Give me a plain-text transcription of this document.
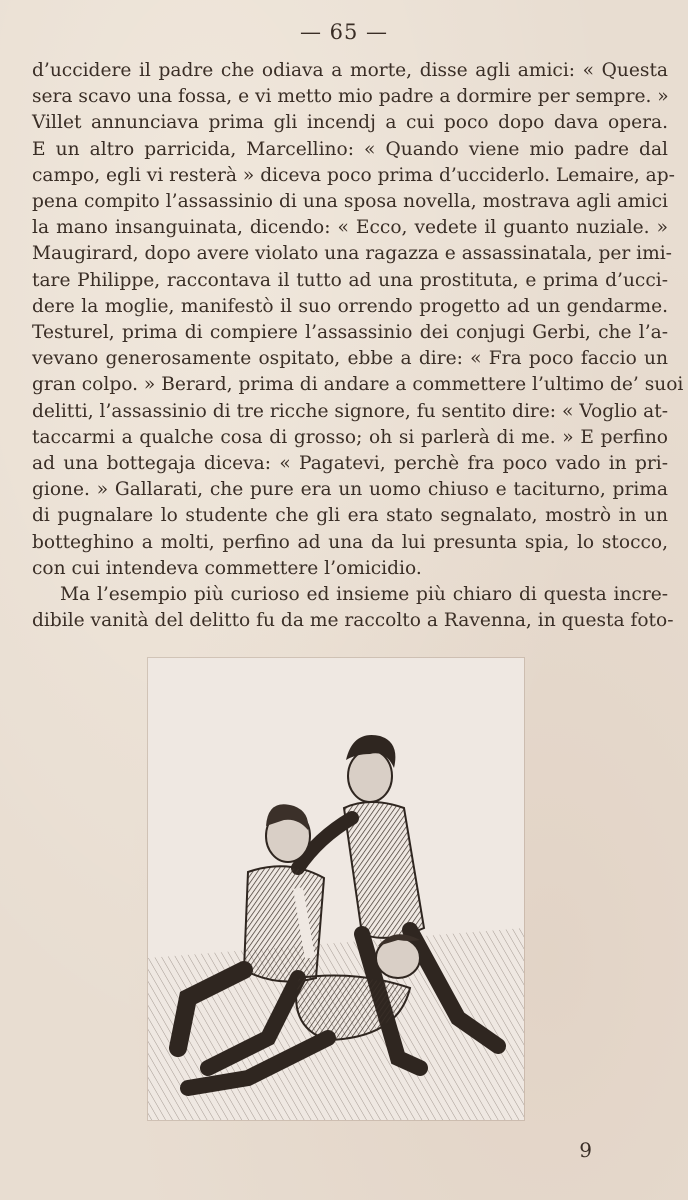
— 65 —

d’uccidere il padre che odiava a morte, disse agli amici: « Questa
sera scavo una fossa, e vi metto mio padre a dormire per sempre. »
Villet annunciava prima gli incendj a cui poco dopo dava opera.
E un altro parricida, Marcellino: « Quando viene mio padre dal
campo, egli vi resterà » diceva poco prima d’ucciderlo. Lemaire, ap-
pena compito l’assassinio di una sposa novella, mostrava agli amici
la mano insanguinata, dicendo: « Ecco, vedete il guanto nuziale. »
Maugirard, dopo avere violato una ragazza e assassinatala, per imi-
tare Philippe, raccontava il tutto ad una prostituta, e prima d’ucci-
dere la moglie, manifestò il suo orrendo progetto ad un gendarme.
Testurel, prima di compiere l’assassinio dei conjugi Gerbi, che l’a-
vevano generosamente ospitato, ebbe a dire: « Fra poco faccio un
gran colpo. » Berard, prima di andare a commettere l’ultimo de’ suoi
delitti, l’assassinio di tre ricche signore, fu sentito dire: « Voglio at-
taccarmi a qualche cosa di grosso; oh si parlerà di me. » E perfino
ad una bottegaja diceva: « Pagatevi, perchè fra poco vado in pri-
gione. » Gallarati, che pure era un uomo chiuso e taciturno, prima
di pugnalare lo studente che gli era stato segnalato, mostrò in un
botteghino a molti, perfino ad una da lui presunta spia, lo stocco,
con cui intendeva commettere l’omicidio.

Ma l’esempio più curioso ed insieme più chiaro di questa incre-
dibile vanità del delitto fu da me raccolto a Ravenna, in questa foto-

9
